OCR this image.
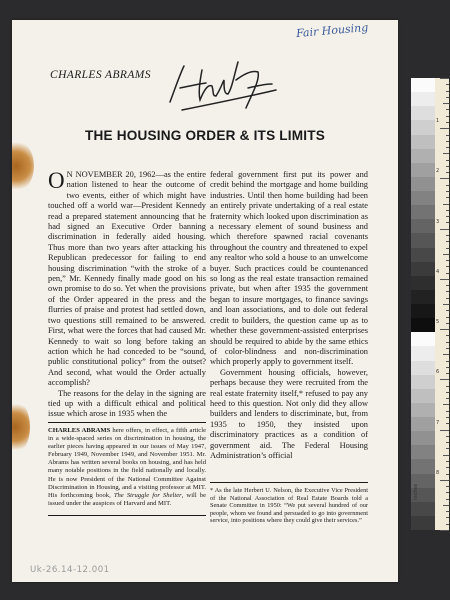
Fair Housing
CHARLES ABRAMS
THE HOUSING ORDER & ITS LIMITS

O N NOVEMBER 20, 1962—as the entire nation listened to hear the outcome of two events, either of which might have touched off a world war—President Kennedy read a prepared statement announcing that he had signed an Executive Order banning discrimination in federally aided housing. Thus more than two years after attacking his Republican predecessor for failing to end housing discrimination “with the stroke of a pen,” Mr. Kennedy finally made good on his own promise to do so. Yet when the provisions of the Order appeared in the press and the flurries of praise and protest had settled down, two questions still remained to be answered. First, what were the forces that had caused Mr. Kennedy to wait so long before taking an action which he had conceded to be “sound, public constitutional policy” from the outset? And second, what would the Order actually accomplish?

The reasons for the delay in the signing are tied up with a difficult ethical and political issue which arose in 1935 when the

CHARLES ABRAMS here offers, in effect, a fifth article in a wide-spaced series on discrimination in housing, the earlier pieces having appeared in our issues of May 1947, February 1949, November 1949, and November 1951. Mr. Abrams has written several books on housing, and has held many notable positions in the field nationally and locally. He is now President of the National Committee Against Discrimination in Housing, and a visiting professor at MIT. His forthcoming book, The Struggle for Shelter, will be issued under the auspices of Harvard and MIT.

federal government first put its power and credit behind the mortgage and home building industries. Until then home building had been an entirely private undertaking of a real estate fraternity which looked upon discrimination as a necessary element of sound business and which therefore spawned racial covenants throughout the country and threatened to expel any realtor who sold a house to an unwelcome buyer. Such practices could be countenanced so long as the real estate transaction remained private, but when after 1935 the government began to insure mortgages, to finance savings and loan associations, and to dole out federal credit to builders, the question came up as to whether these government-assisted enterprises should be required to abide by the same ethics of color-blindness and non-discrimination which properly apply to government itself.

Government housing officials, however, perhaps because they were recruited from the real estate fraternity itself,* refused to pay any heed to this question. Not only did they allow builders and lenders to discriminate, but, from 1935 to 1950, they insisted upon discriminatory practices as a condition of government aid. The Federal Housing Administration’s official

* As the late Herbert U. Nelson, the Executive Vice President of the National Association of Real Estate Boards told a Senate Committee in 1950: “We put several hundred of our people, whom we found and persuaded to go into government service, into positions where they could give their services.”
Uk-26.14-12.001
1
2
3
4
5
6
7
8
inches
